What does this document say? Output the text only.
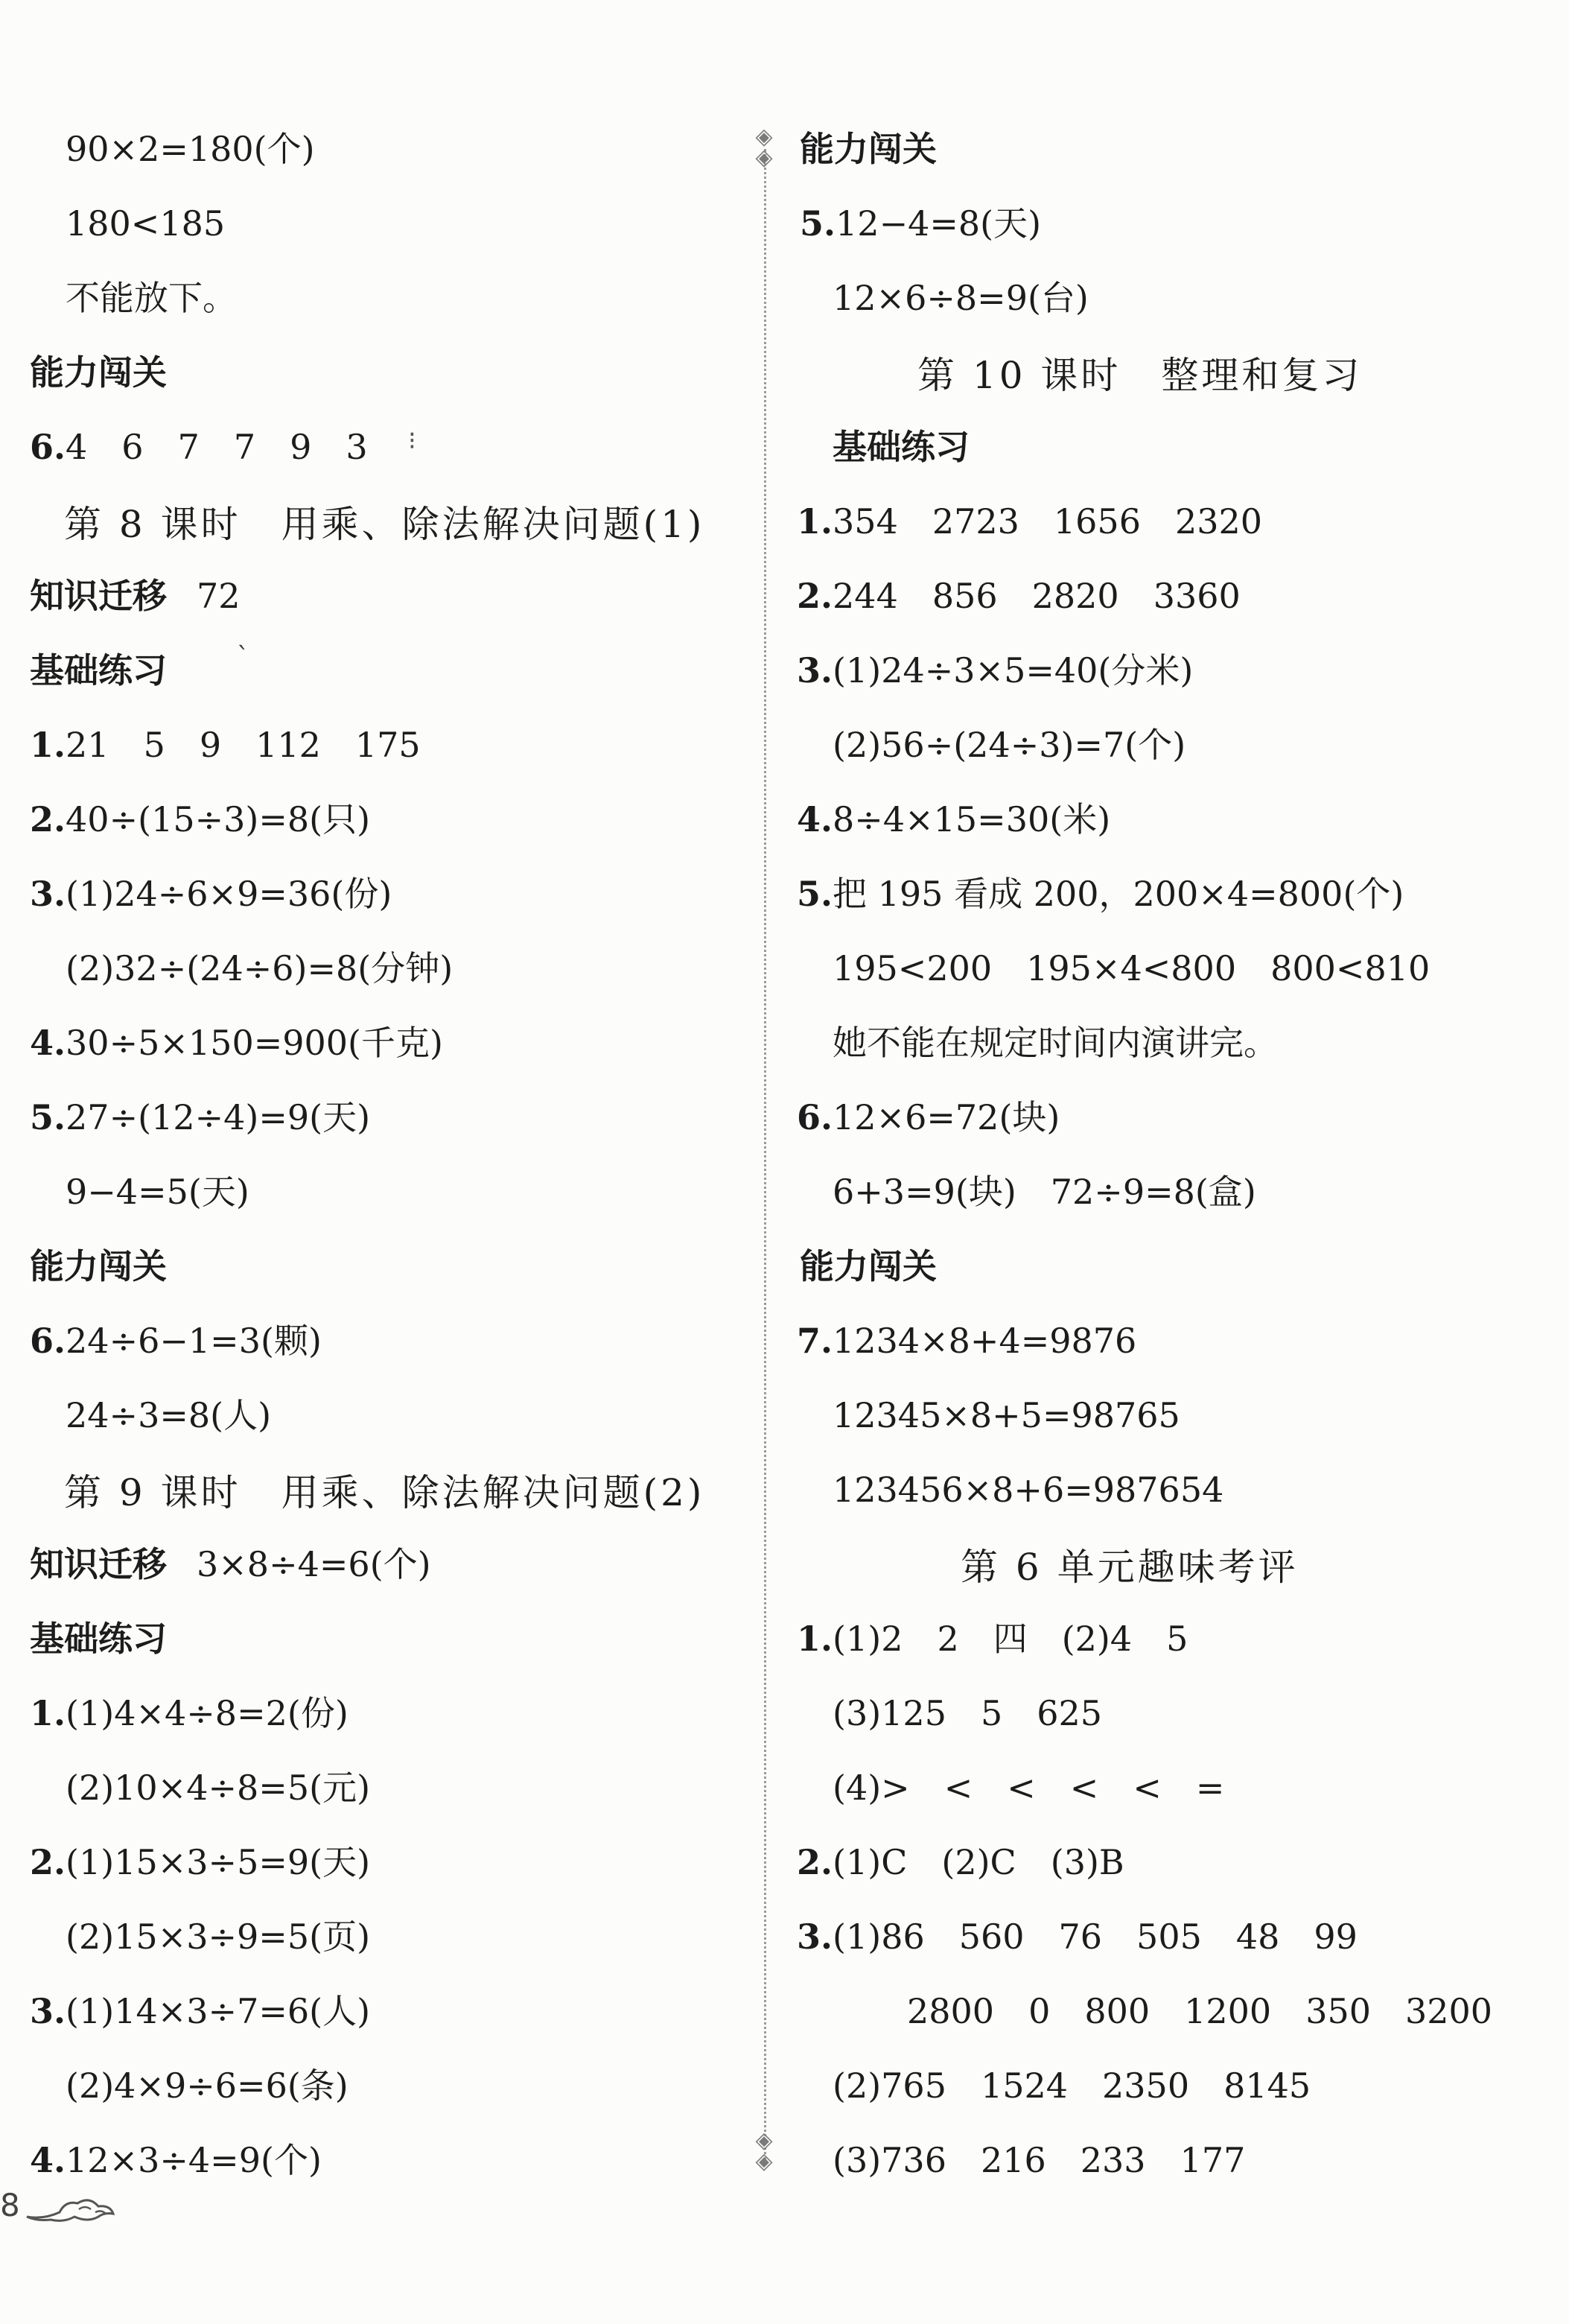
90×2=180(个)
180<185
不能放下。
能力闯关
6.4　6　7　7　9　3
第 8 课时　用乘、除法解决问题(1)
知识迁移 72
基础练习
1.21　5　9　112　175
2.40÷(15÷3)=8(只)
3.(1)24÷6×9=36(份)
(2)32÷(24÷6)=8(分钟)
4.30÷5×150=900(千克)
5.27÷(12÷4)=9(天)
9−4=5(天)
能力闯关
6.24÷6−1=3(颗)
24÷3=8(人)
第 9 课时　用乘、除法解决问题(2)
知识迁移 3×8÷4=6(个)
基础练习
1.(1)4×4÷8=2(份)
(2)10×4÷8=5(元)
2.(1)15×3÷5=9(天)
(2)15×3÷9=5(页)
3.(1)14×3÷7=6(人)
(2)4×9÷6=6(条)
4.12×3÷4=9(个)
◈
◈
◈
◈
能力闯关
5.12−4=8(天)
12×6÷8=9(台)
第 10 课时　整理和复习
基础练习
1.354　2723　1656　2320
2.244　856　2820　3360
3.(1)24÷3×5=40(分米)
(2)56÷(24÷3)=7(个)
4.8÷4×15=30(米)
5.把 195 看成 200，200×4=800(个)
195<200　195×4<800　800<810
她不能在规定时间内演讲完。
6.12×6=72(块)
6+3=9(块)　72÷9=8(盒)
能力闯关
7.1234×8+4=9876
12345×8+5=98765
123456×8+6=987654
第 6 单元趣味考评
1.(1)2　2　四　(2)4　5
(3)125　5　625
(4)>　<　<　<　<　=
2.(1)C　(2)C　(3)B
3.(1)86　560　76　505　48　99
2800　0　800　1200　350　3200
(2)765　1524　2350　8145
(3)736　216　233　177
ˋ
⁝
8
